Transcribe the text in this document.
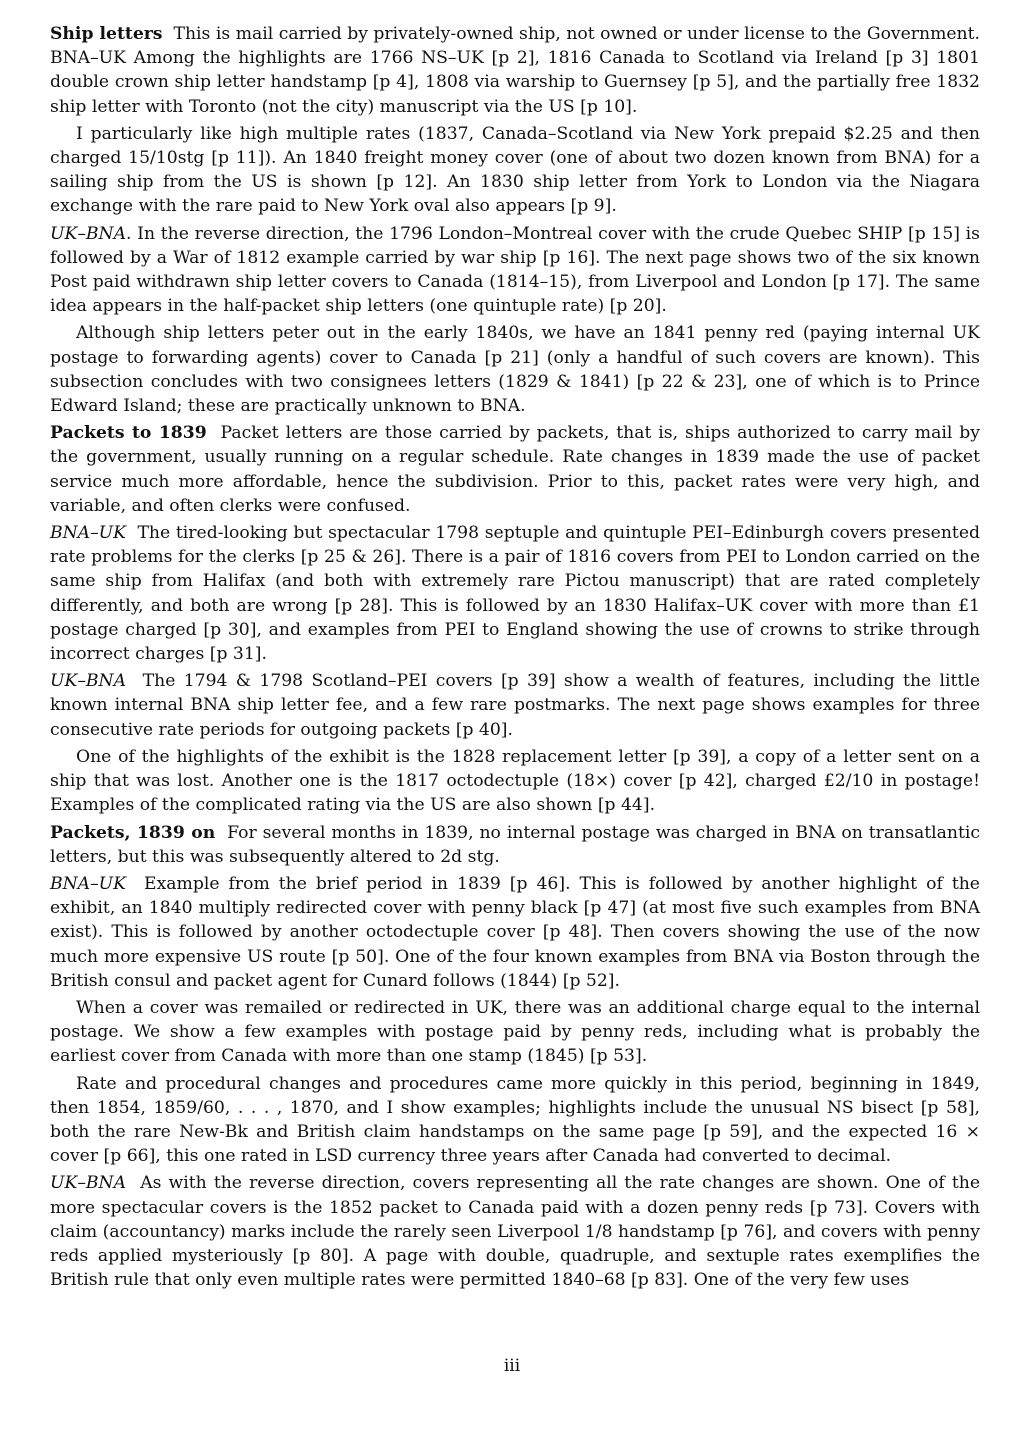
Ship letters This is mail carried by privately-owned ship, not owned or under license to the Government. BNA–UK Among the highlights are 1766 NS–UK [p 2], 1816 Canada to Scotland via Ireland [p 3] 1801 double crown ship letter handstamp [p 4], 1808 via warship to Guernsey [p 5], and the partially free 1832 ship letter with Toronto (not the city) manuscript via the US [p 10].

I particularly like high multiple rates (1837, Canada–Scotland via New York prepaid $2.25 and then charged 15/10stg [p 11]). An 1840 freight money cover (one of about two dozen known from BNA) for a sailing ship from the US is shown [p 12]. An 1830 ship letter from York to London via the Niagara exchange with the rare paid to New York oval also appears [p 9].

UK–BNA. In the reverse direction, the 1796 London–Montreal cover with the crude Quebec SHIP [p 15] is followed by a War of 1812 example carried by war ship [p 16]. The next page shows two of the six known Post paid withdrawn ship letter covers to Canada (1814–15), from Liverpool and London [p 17]. The same idea appears in the half-packet ship letters (one quintuple rate) [p 20].

Although ship letters peter out in the early 1840s, we have an 1841 penny red (paying internal UK postage to forwarding agents) cover to Canada [p 21] (only a handful of such covers are known). This subsection concludes with two consignees letters (1829 & 1841) [p 22 & 23], one of which is to Prince Edward Island; these are practically unknown to BNA.

Packets to 1839 Packet letters are those carried by packets, that is, ships authorized to carry mail by the government, usually running on a regular schedule. Rate changes in 1839 made the use of packet service much more affordable, hence the subdivision. Prior to this, packet rates were very high, and variable, and often clerks were confused.

BNA–UK The tired-looking but spectacular 1798 septuple and quintuple PEI–Edinburgh covers presented rate problems for the clerks [p 25 & 26]. There is a pair of 1816 covers from PEI to London carried on the same ship from Halifax (and both with extremely rare Pictou manuscript) that are rated completely differently, and both are wrong [p 28]. This is followed by an 1830 Halifax–UK cover with more than £1 postage charged [p 30], and examples from PEI to England showing the use of crowns to strike through incorrect charges [p 31].

UK–BNA The 1794 & 1798 Scotland–PEI covers [p 39] show a wealth of features, including the little known internal BNA ship letter fee, and a few rare postmarks. The next page shows examples for three consecutive rate periods for outgoing packets [p 40].

One of the highlights of the exhibit is the 1828 replacement letter [p 39], a copy of a letter sent on a ship that was lost. Another one is the 1817 octodectuple (18×) cover [p 42], charged £2/10 in postage! Examples of the complicated rating via the US are also shown [p 44].

Packets, 1839 on For several months in 1839, no internal postage was charged in BNA on transatlantic letters, but this was subsequently altered to 2d stg.

BNA–UK Example from the brief period in 1839 [p 46]. This is followed by another highlight of the exhibit, an 1840 multiply redirected cover with penny black [p 47] (at most five such examples from BNA exist). This is followed by another octodectuple cover [p 48]. Then covers showing the use of the now much more expensive US route [p 50]. One of the four known examples from BNA via Boston through the British consul and packet agent for Cunard follows (1844) [p 52].

When a cover was remailed or redirected in UK, there was an additional charge equal to the internal postage. We show a few examples with postage paid by penny reds, including what is probably the earliest cover from Canada with more than one stamp (1845) [p 53].

Rate and procedural changes and procedures came more quickly in this period, beginning in 1849, then 1854, 1859/60, . . . , 1870, and I show examples; highlights include the unusual NS bisect [p 58], both the rare New-Bk and British claim handstamps on the same page [p 59], and the expected 16 × cover [p 66], this one rated in LSD currency three years after Canada had converted to decimal.

UK–BNA As with the reverse direction, covers representing all the rate changes are shown. One of the more spectacular covers is the 1852 packet to Canada paid with a dozen penny reds [p 73]. Covers with claim (accountancy) marks include the rarely seen Liverpool 1/8 handstamp [p 76], and covers with penny reds applied mysteriously [p 80]. A page with double, quadruple, and sextuple rates exemplifies the British rule that only even multiple rates were permitted 1840–68 [p 83]. One of the very few uses

iii
